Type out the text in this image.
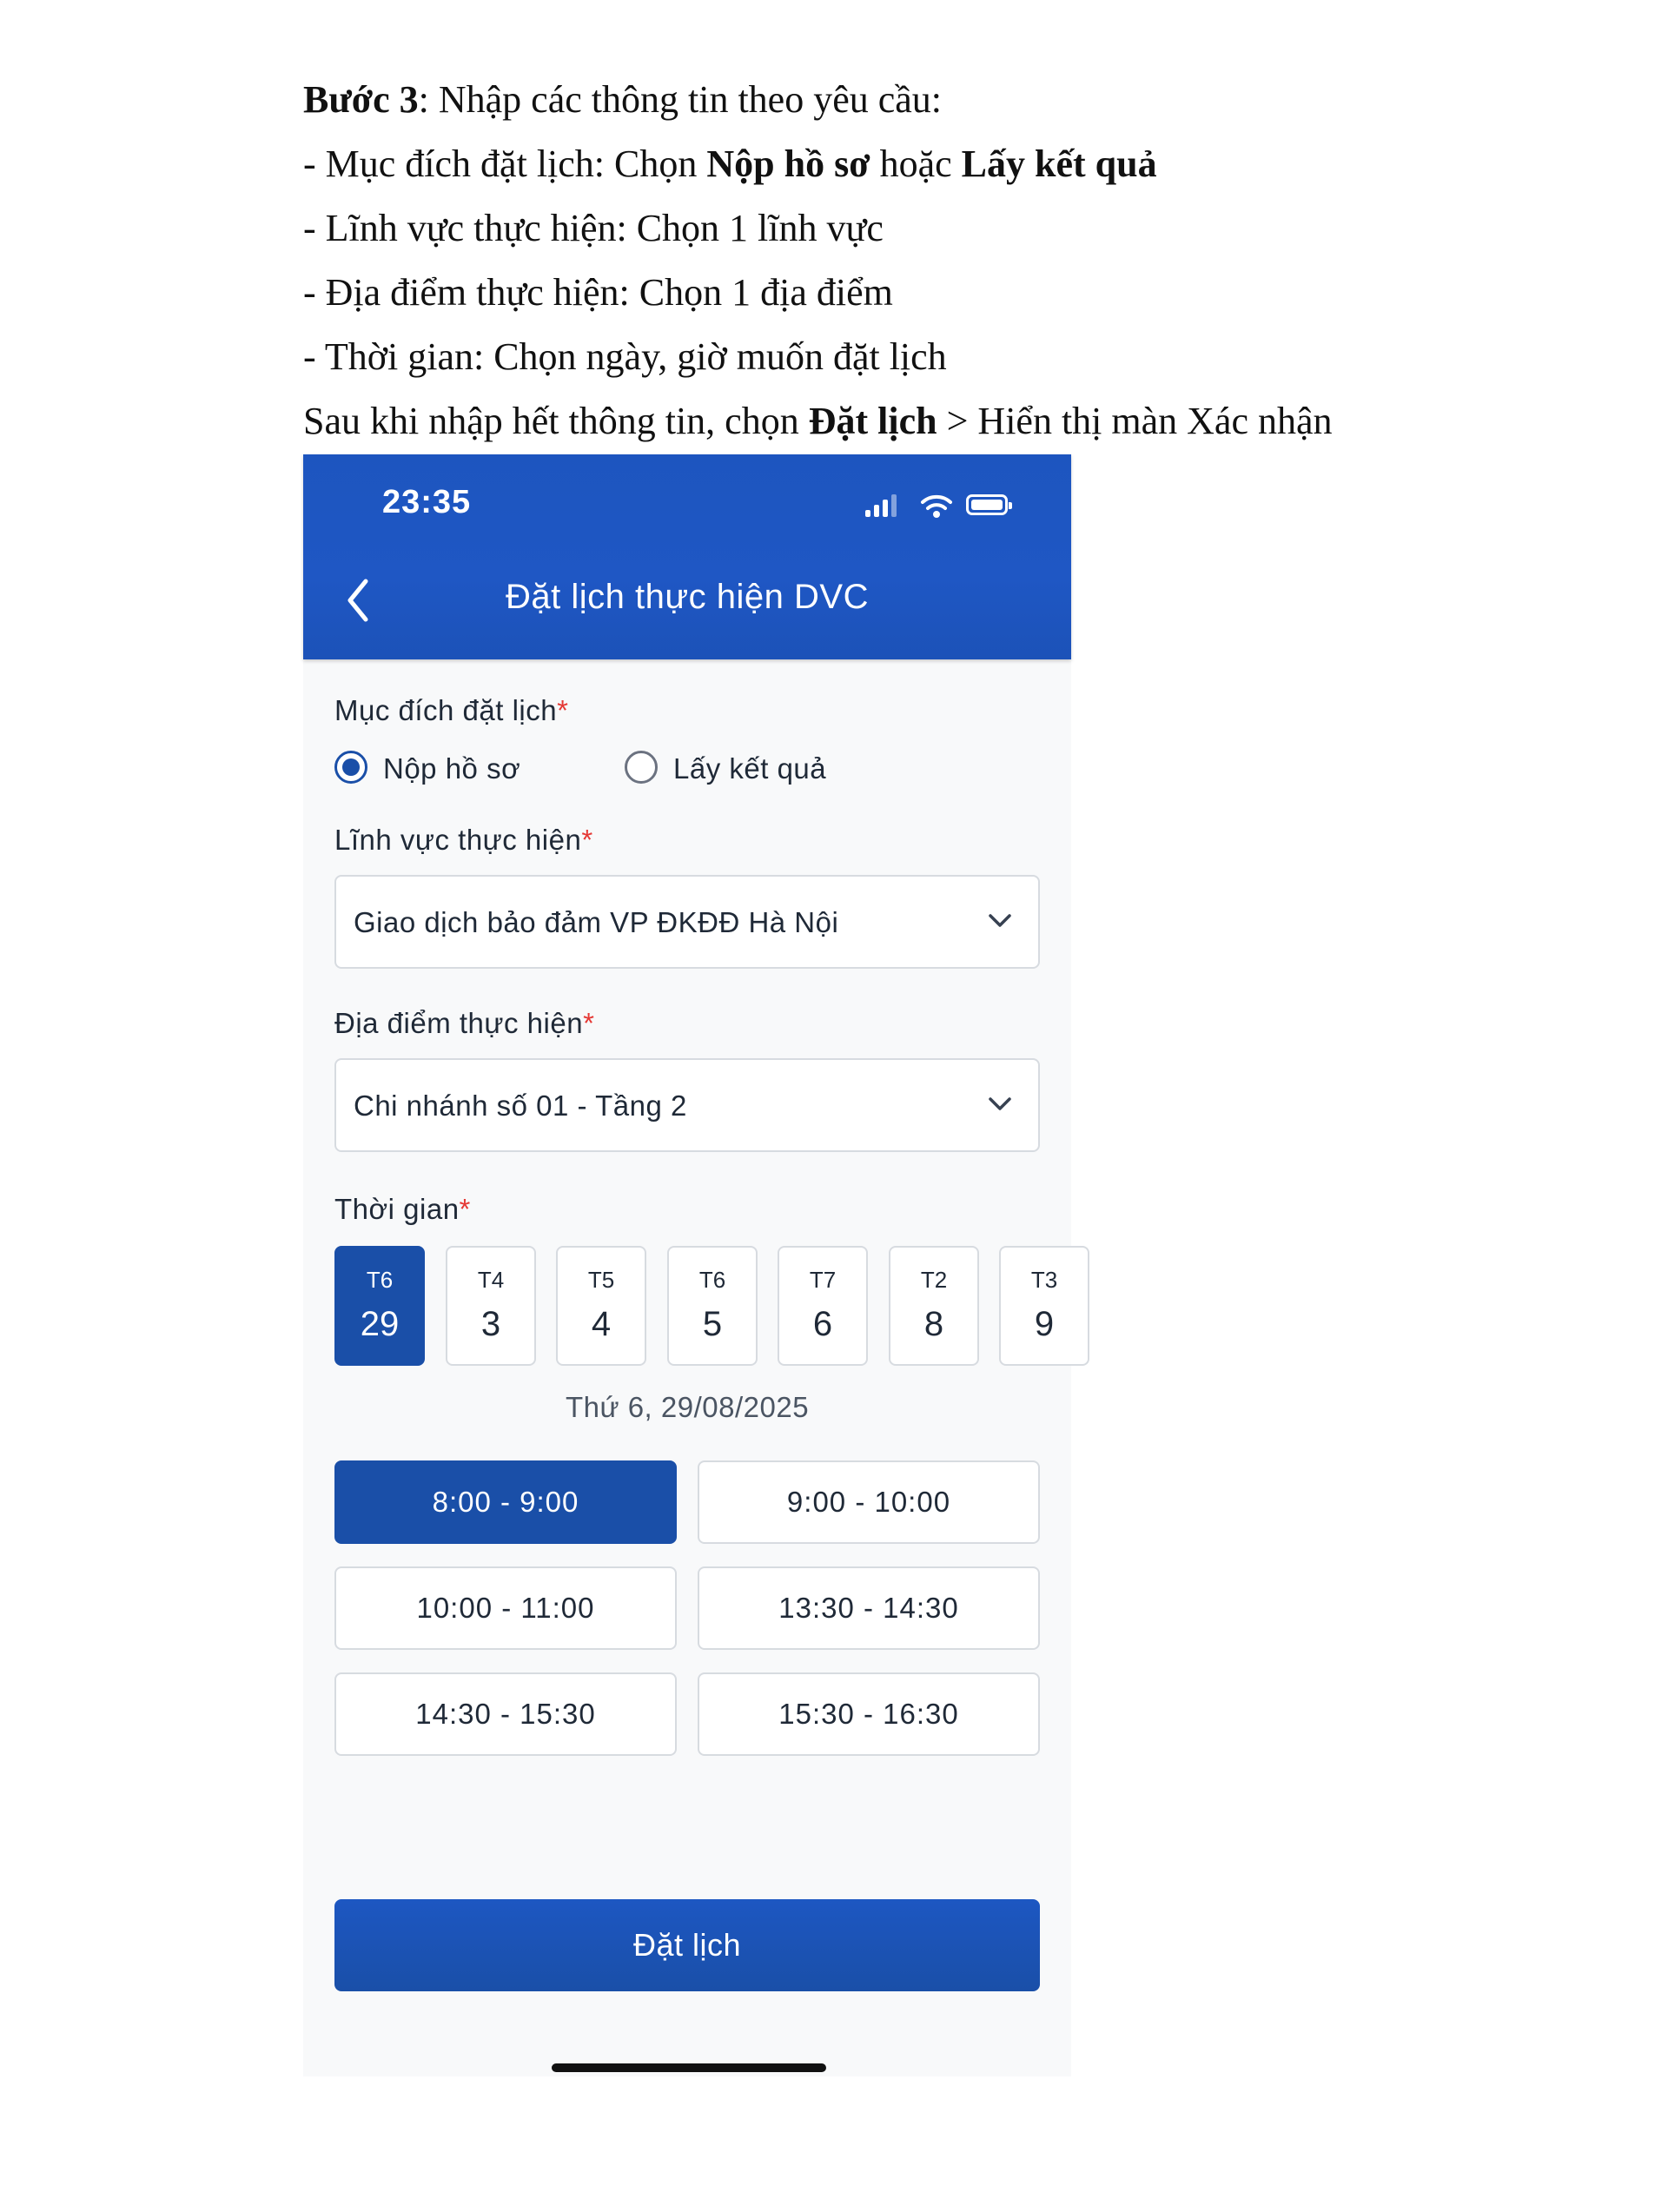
Bước 3: Nhập các thông tin theo yêu cầu:
- Mục đích đặt lịch: Chọn Nộp hồ sơ hoặc Lấy kết quả
- Lĩnh vực thực hiện: Chọn 1 lĩnh vực
- Địa điểm thực hiện: Chọn 1 địa điểm
- Thời gian: Chọn ngày, giờ muốn đặt lịch
Sau khi nhập hết thông tin, chọn Đặt lịch > Hiển thị màn Xác nhận
23:35
Đặt lịch thực hiện DVC
Mục đích đặt lịch*
Nộp hồ sơ	Lấy kết quả
Lĩnh vực thực hiện*
Giao dịch bảo đảm VP ĐKĐĐ Hà Nội
Địa điểm thực hiện*
Chi nhánh số 01 - Tầng 2
Thời gian*
T6
29
T4
3
T5
4
T6
5
T7
6
T2
8
T3
9
Thứ 6, 29/08/2025
8:00 - 9:00	9:00 - 10:00
10:00 - 11:00	13:30 - 14:30
14:30 - 15:30	15:30 - 16:30
Đặt lịch
